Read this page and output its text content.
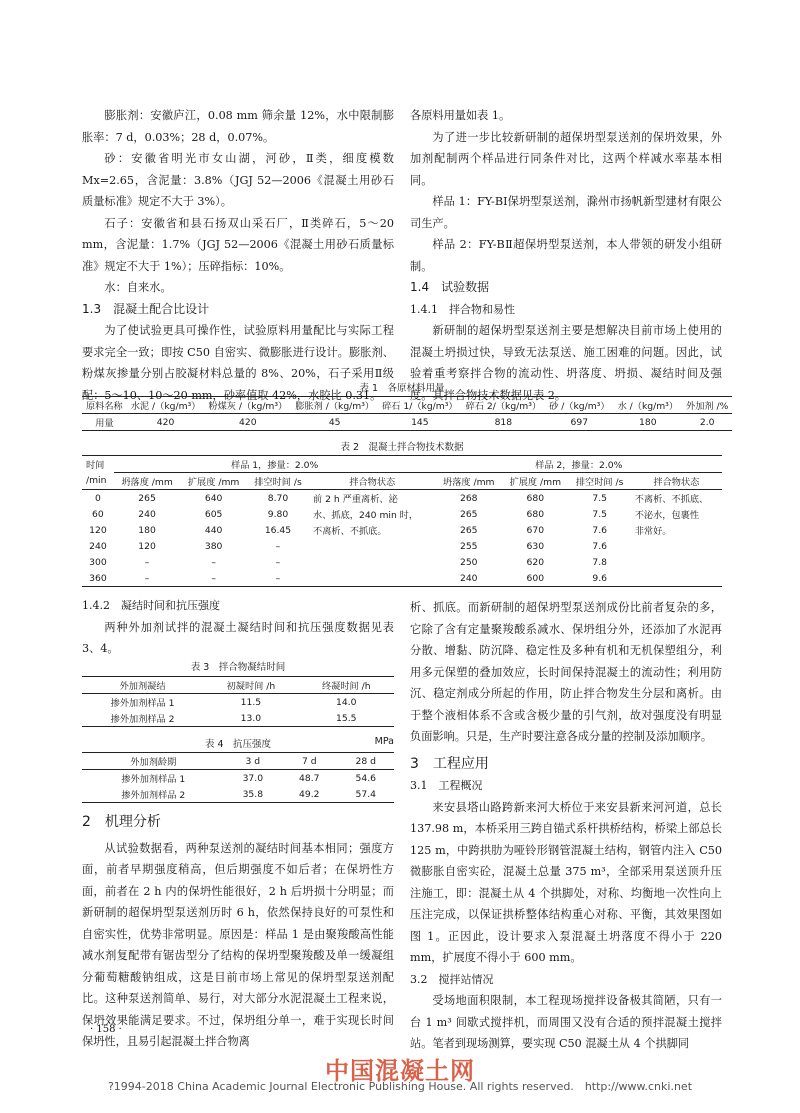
膨胀剂：安徽庐江，0.08 mm 筛余量 12%，水中限制膨胀率：7 d，0.03%；28 d，0.07%。

砂：安徽省明光市女山湖，河砂，Ⅱ类，细度模数 Mx=2.65，含泥量：3.8%（JGJ 52—2006《混凝土用砂石质量标准》规定不大于 3%）。

石子：安徽省和县石扬双山采石厂，Ⅱ类碎石，5～20 mm，含泥量：1.7%（JGJ 52—2006《混凝土用砂石质量标准》规定不大于 1%）；压碎指标：10%。

水：自来水。

1.3　混凝土配合比设计

为了使试验更具可操作性，试验原料用量配比与实际工程要求完全一致；即按 C50 自密实、微膨胀进行设计。膨胀剂、粉煤灰掺量分别占胶凝材料总量的 8%、20%，石子采用Ⅱ级配：5～10、10～20 mm，砂率值取 42%，水胶比 0.31。

各原料用量如表 1。

为了进一步比较新研制的超保坍型泵送剂的保坍效果，外加剂配制两个样品进行同条件对比，这两个样减水率基本相同。

样品 1：FY-BⅠ保坍型泵送剂，滁州市扬帆新型建材有限公司生产。

样品 2：FY-BⅡ超保坍型泵送剂，本人带领的研发小组研制。

1.4　试验数据

1.4.1　拌合物和易性

新研制的超保坍型泵送剂主要是想解决目前市场上使用的混凝土坍损过快，导致无法泵送、施工困难的问题。因此，试验着重考察拌合物的流动性、坍落度、坍损、凝结时间及强度。其拌合物技术数据见表 2。

表 1　各原材料用量
原料名称	水泥 /（kg/m³）	粉煤灰 /（kg/m³）	膨胀剂 /（kg/m³）	碎石 1/（kg/m³）	碎石 2/（kg/m³）	砂 /（kg/m³）	水 /（kg/m³）	外加剂 /%
用量	420	420	45	145	818	697	180	2.0
表 2　混凝土拌合物技术数据
时间	样品 1，掺量：2.0%				样品 2，掺量：2.0%			
/min	坍落度 /mm	扩展度 /mm	排空时间 /s	拌合物状态	坍落度 /mm	扩展度 /mm	排空时间 /s	拌合物状态
0	265	640	8.70	前 2 h 严重离析、泌	268	680	7.5	不离析、不抓底、
60	240	605	9.80	水、抓底，240 min 时，	265	680	7.5	不泌水，包裹性
120	180	440	16.45	不离析、不抓底。	265	670	7.6	非常好。
240	120	380	–		255	630	7.6	
300	–	–	–		250	620	7.8	
360	–	–	–		240	600	9.6	

1.4.2　凝结时间和抗压强度

两种外加剂试拌的混凝土凝结时间和抗压强度数据见表 3、4。

表 3　拌合物凝结时间
外加剂凝结	初凝时间 /h	终凝时间 /h
掺外加剂样品 1	11.5	14.0
掺外加剂样品 2	13.0	15.5
表 4　抗压强度	MPa
外加剂龄期	3 d	7 d	28 d
掺外加剂样品 1	37.0	48.7	54.6
掺外加剂样品 2	35.8	49.2	57.4

2　机理分析

从试验数据看，两种泵送剂的凝结时间基本相同；强度方面，前者早期强度稍高，但后期强度不如后者；在保坍性方面，前者在 2 h 内的保坍性能很好，2 h 后坍损十分明显；而新研制的超保坍型泵送剂历时 6 h，依然保持良好的可泵性和自密实性，优势非常明显。原因是：样品 1 是由聚羧酸高性能减水剂复配带有锯齿型分了结构的保坍型聚羧酸及单一缓凝组分葡萄糖酸钠组成，这是目前市场上常见的保坍型泵送剂配比。这种泵送剂简单、易行，对大部分水泥混凝土工程来说，保坍效果能满足要求。不过，保坍组分单一，难于实现长时间保坍性，且易引起混凝土拌合物离

析、抓底。而新研制的超保坍型泵送剂成份比前者复杂的多，它除了含有定量聚羧酸系减水、保坍组分外，还添加了水泥再分散、增黏、防沉降、稳定性及多种有机和无机保塑组分，利用多元保塑的叠加效应，长时间保持混凝土的流动性；利用防沉、稳定剂成分所起的作用，防止拌合物发生分层和离析。由于整个液相体系不含或含极少量的引气剂，故对强度没有明显负面影响。只是，生产时要注意各成分量的控制及添加顺序。

3　工程应用

3.1　工程概况

来安县塔山路跨新来河大桥位于来安县新来河河道，总长 137.98 m，本桥采用三跨自锚式系杆拱桥结构，桥梁上部总长 125 m，中跨拱肋为哑铃形钢管混凝土结构，钢管内注入 C50 微膨胀自密实砼，混凝土总量 375 m³，全部采用泵送顶升压注施工，即：混凝土从 4 个拱脚处，对称、均衡地一次性向上压注完成，以保证拱桥整体结构重心对称、平衡，其效果图如图 1。正因此，设计要求入泵混凝土坍落度不得小于 220 mm，扩展度不得小于 600 mm。

3.2　搅拌站情况

受场地面积限制，本工程现场搅拌设备极其简陋，只有一台 1 m³ 间歇式搅拌机，而周围又没有合适的预拌混凝土搅拌站。笔者到现场测算，要实现 C50 混凝土从 4 个拱脚同

· 158 ·
中国混凝土网
?1994-2018 China Academic Journal Electronic Publishing House. All rights reserved.　http://www.cnki.net
